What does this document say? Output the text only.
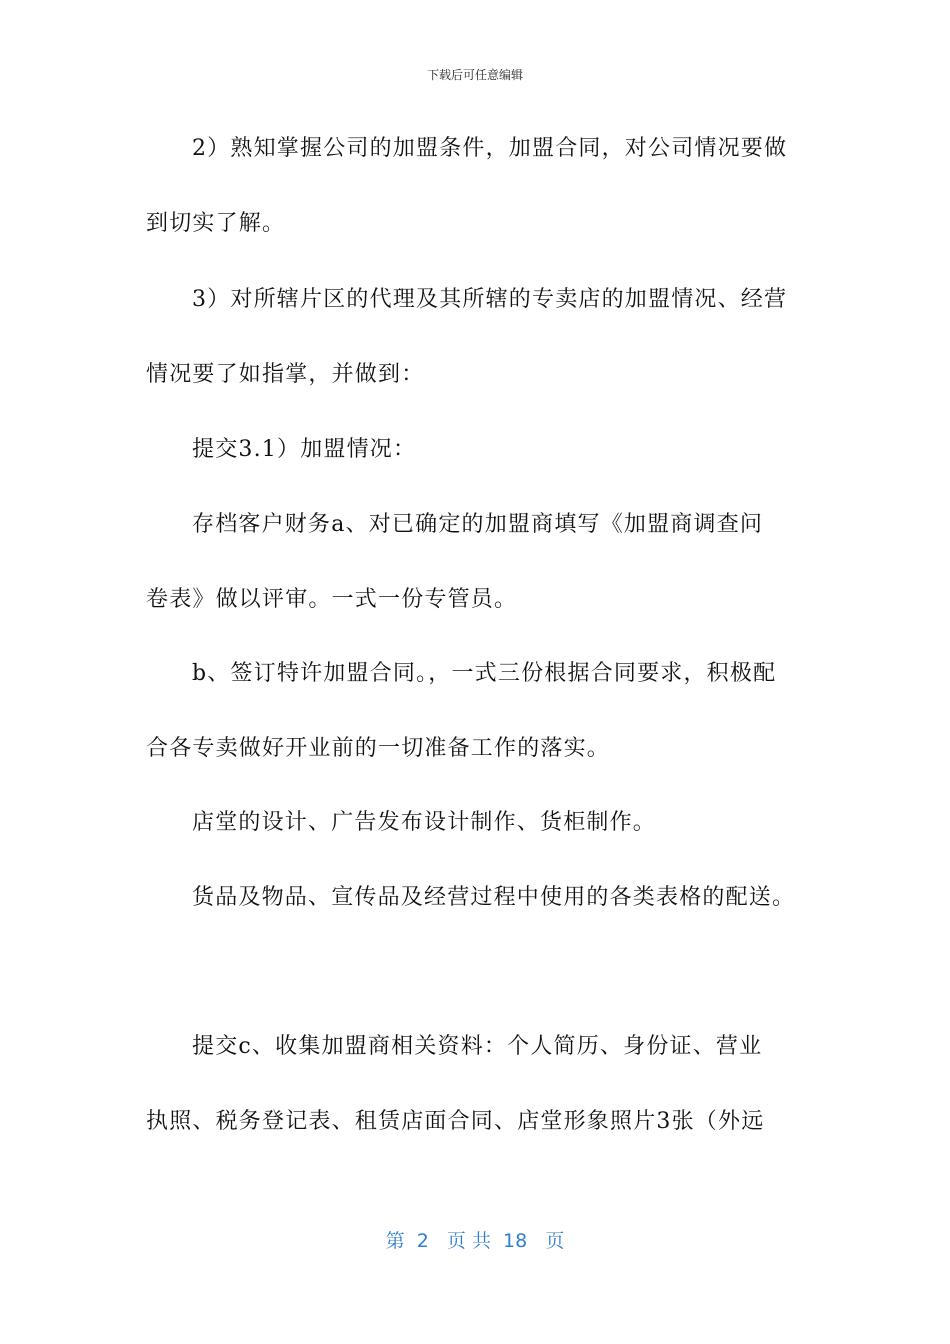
下载后可任意编辑
2）熟知掌握公司的加盟条件，加盟合同，对公司情况要做
到切实了解。
3）对所辖片区的代理及其所辖的专卖店的加盟情况、经营
情况要了如指掌，并做到：
提交3.1）加盟情况：
存档客户财务a、对已确定的加盟商填写《加盟商调查问
卷表》做以评审。一式一份专管员。
b、签订特许加盟合同。，一式三份根据合同要求，积极配
合各专卖做好开业前的一切准备工作的落实。
店堂的设计、广告发布设计制作、货柜制作。
货品及物品、宣传品及经营过程中使用的各类表格的配送。
提交c、收集加盟商相关资料：个人简历、身份证、营业
执照、税务登记表、租赁店面合同、店堂形象照片3张（外远
第  2   页 共  18   页
